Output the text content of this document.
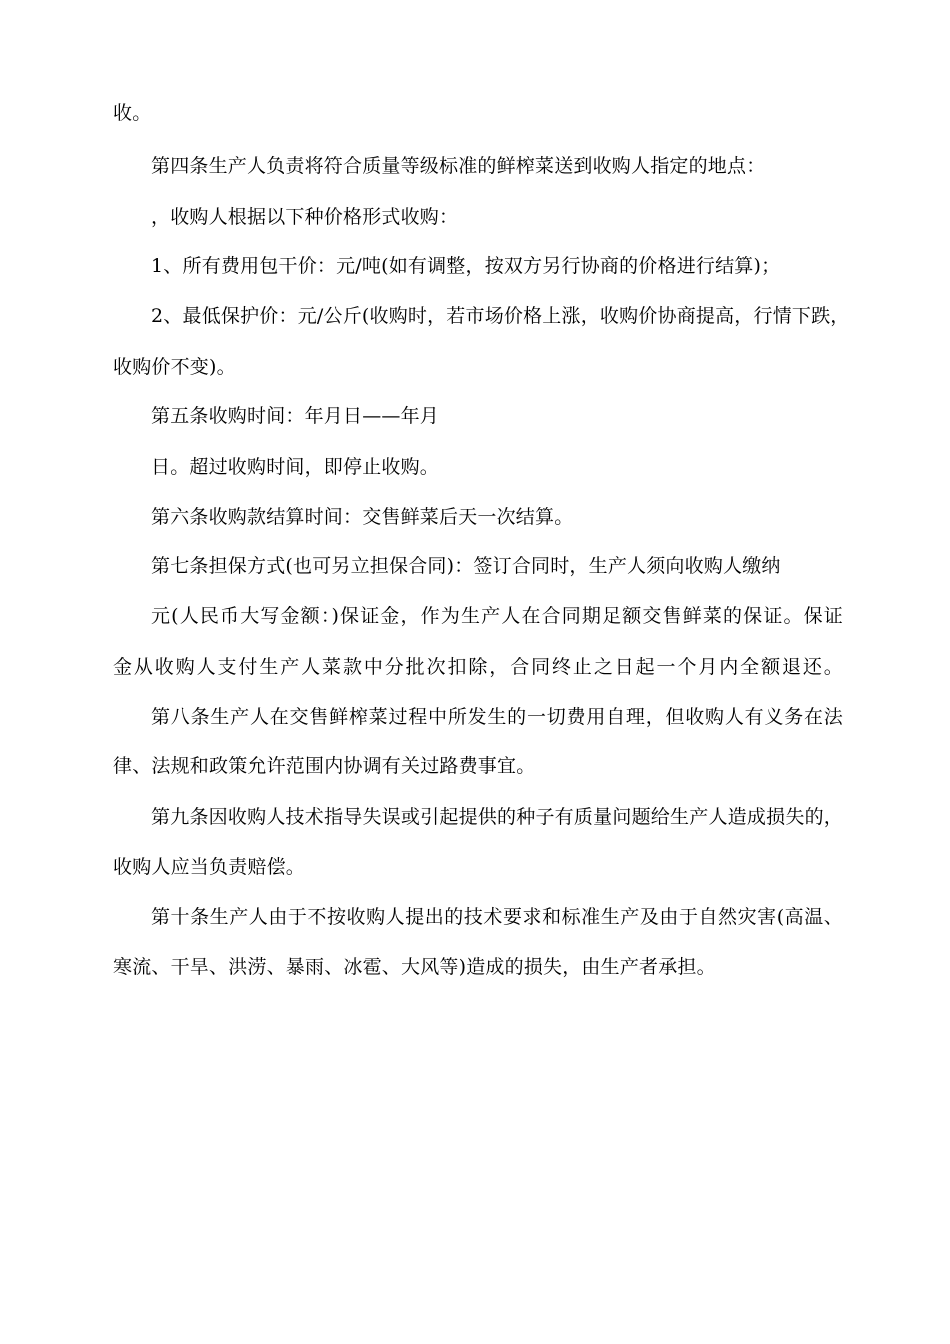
收。
第四条生产人负责将符合质量等级标准的鲜榨菜送到收购人指定的地点：
，收购人根据以下种价格形式收购：
1、所有费用包干价：元/吨(如有调整，按双方另行协商的价格进行结算)；
2、最低保护价：元/公斤(收购时，若市场价格上涨，收购价协商提高，行情下跌，
收购价不变)。
第五条收购时间：年月日——年月
日。超过收购时间，即停止收购。
第六条收购款结算时间：交售鲜菜后天一次结算。
第七条担保方式(也可另立担保合同)：签订合同时，生产人须向收购人缴纳
元(人民币大写金额：)保证金，作为生产人在合同期足额交售鲜菜的保证。保证
金从收购人支付生产人菜款中分批次扣除，合同终止之日起一个月内全额退还。
第八条生产人在交售鲜榨菜过程中所发生的一切费用自理，但收购人有义务在法
律、法规和政策允许范围内协调有关过路费事宜。
第九条因收购人技术指导失误或引起提供的种子有质量问题给生产人造成损失的，
收购人应当负责赔偿。
第十条生产人由于不按收购人提出的技术要求和标准生产及由于自然灾害(高温、
寒流、干旱、洪涝、暴雨、冰雹、大风等)造成的损失，由生产者承担。
